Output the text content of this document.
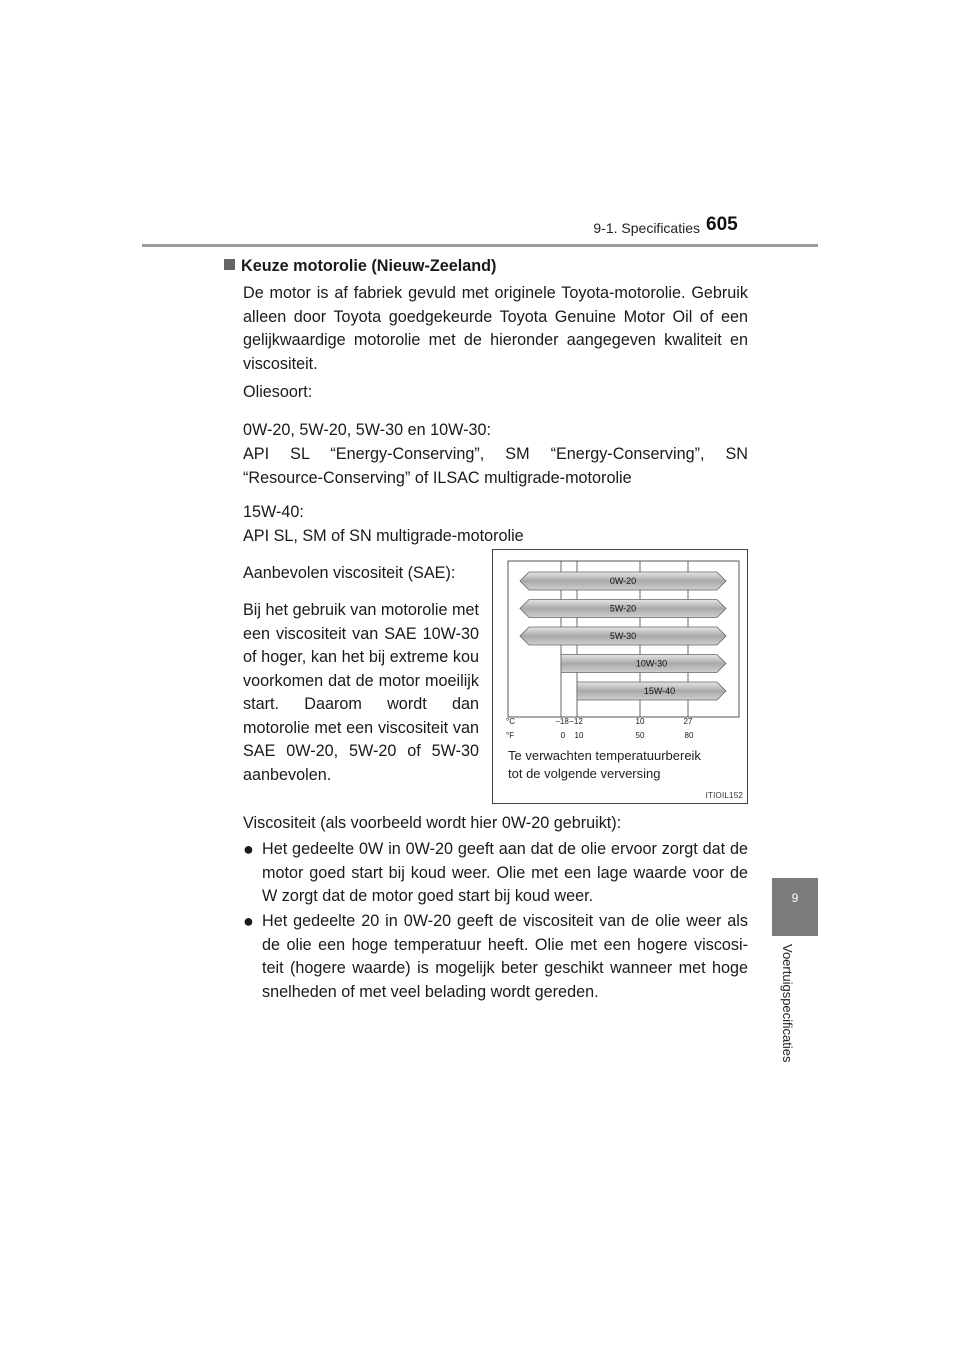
9-1. Specificaties 605
9
Voertuigspecificaties
Keuze motorolie (Nieuw-Zeeland)
De motor is af fabriek gevuld met originele Toyota-motorolie. Gebruik alleen door Toyota goedgekeurde Toyota Genuine Motor Oil of een gelijkwaardige motorolie met de hieronder aangegeven kwaliteit en viscositeit.
Oliesoort:
0W-20, 5W-20, 5W-30 en 10W-30:
API SL “Energy-Conserving”, SM “Energy-Conserving”, SN “Resource-Conserving” of ILSAC multigrade-motorolie
15W-40:
API SL, SM of SN multigrade-motorolie
Aanbevolen viscositeit (SAE):
Bij het gebruik van motorolie met een viscositeit van SAE 10W-30 of hoger, kan het bij extreme kou voorkomen dat de motor moeilijk start. Daarom wordt dan motorolie met een viscositeit van SAE 0W-20, 5W-20 of 5W-30 aanbevolen.
Viscositeit (als voorbeeld wordt hier 0W-20 gebruikt):
● Het gedeelte 0W in 0W-20 geeft aan dat de olie ervoor zorgt dat de motor goed start bij koud weer. Olie met een lage waarde voor de W zorgt dat de motor goed start bij koud weer.
● Het gedeelte 20 in 0W-20 geeft de viscositeit van de olie weer als de olie een hoge temperatuur heeft. Olie met een hogere viscosi-teit (hogere waarde) is mogelijk beter geschikt wanneer met hoge snelheden of met veel belading wordt gereden.
0W-20
5W-20
5W-30
10W-30
15W-40
°C
°F
−18 −12	10	27
0 10	50	80
Te verwachten temperatuurbereik
tot de volgende verversing
ITIOIL152
